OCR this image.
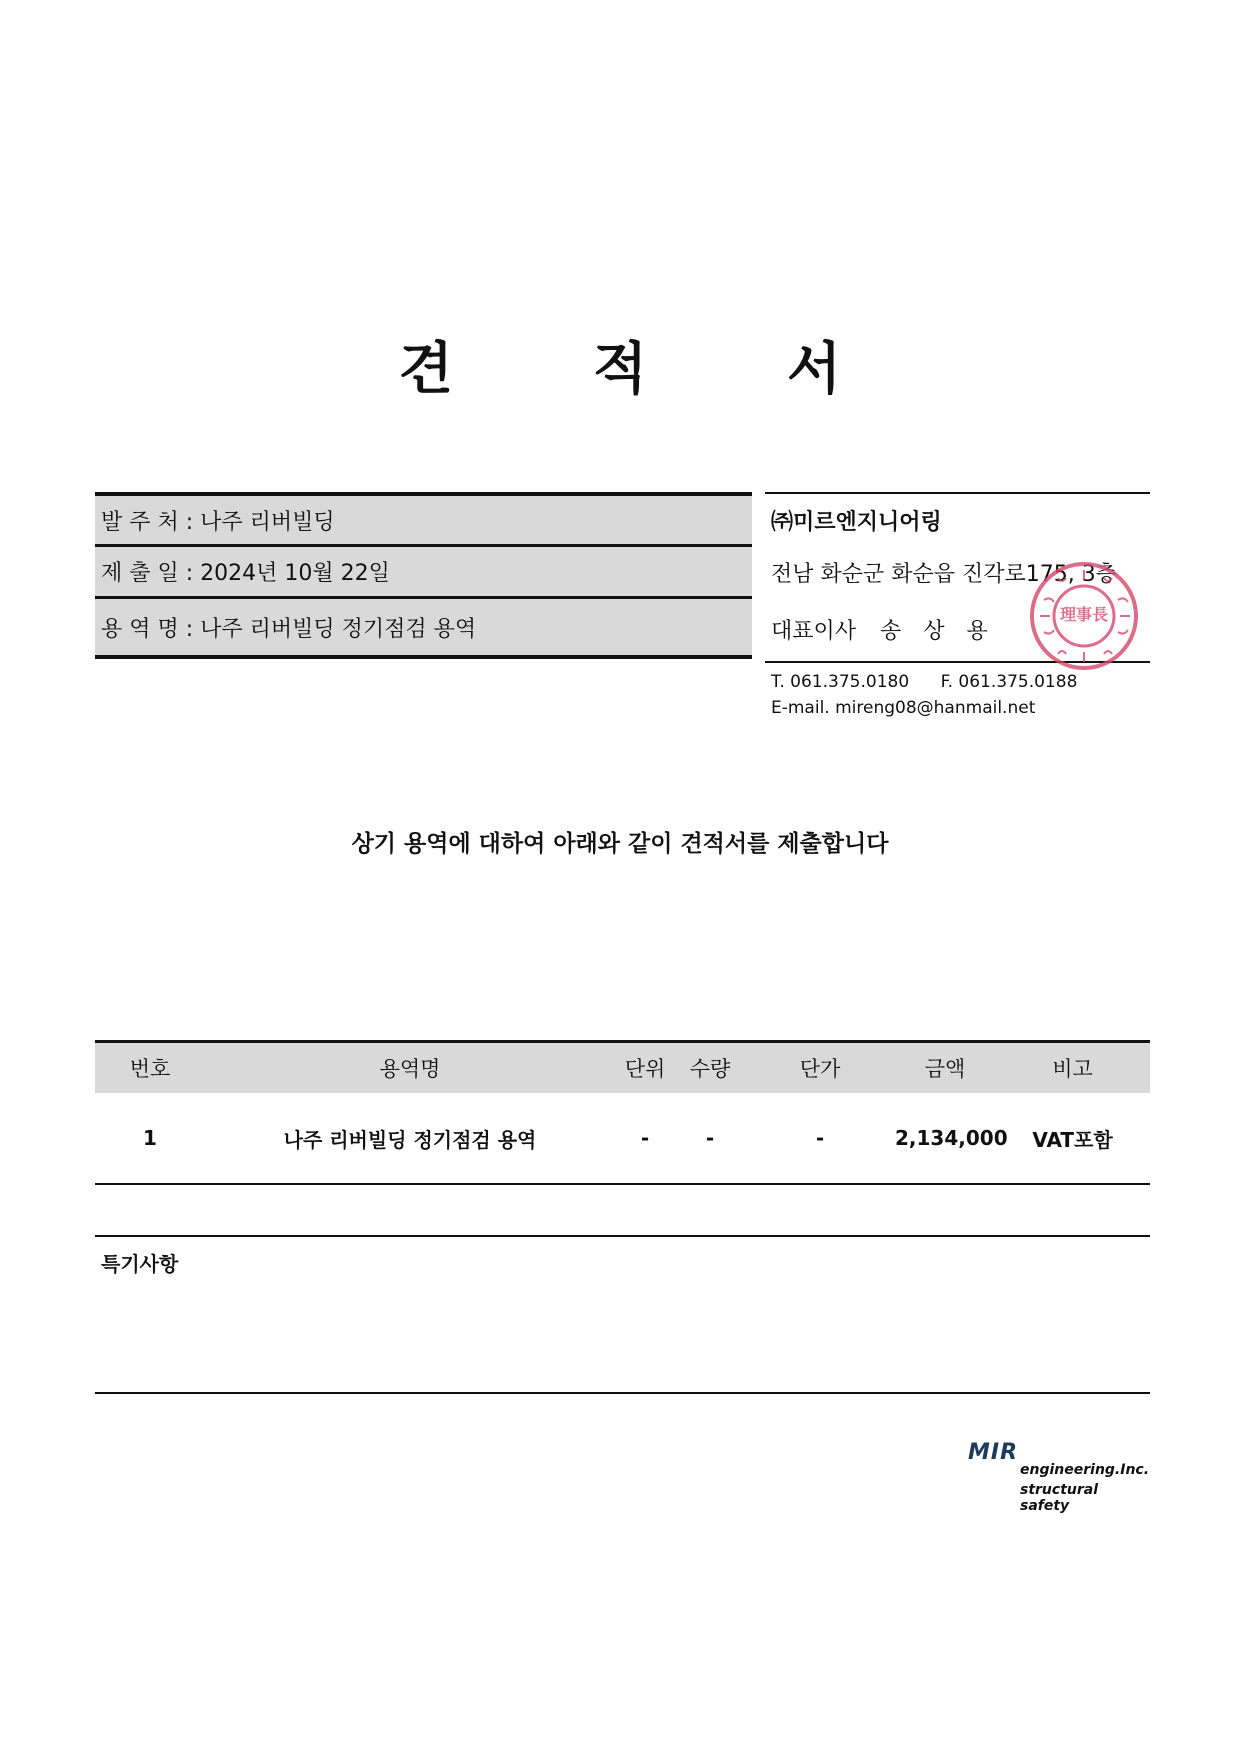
견	적	서
발 주 처 : 나주 리버빌딩
제 출 일 : 2024년 10월 22일
용 역 명 : 나주 리버빌딩 정기점검 용역
㈜미르엔지니어링
전남 화순군 화순읍 진각로175, 3층
대표이사 송상용
T. 061.375.0180 F. 061.375.0188
E-mail. mireng08@hanmail.net
理事長
상기 용역에 대하여 아래와 같이 견적서를 제출합니다
번호	용역명	단위	수량	단가	금액	비고
1	나주 리버빌딩 정기점검 용역	-	-	-	2,134,000	VAT포함
특기사항
MIR
engineering.Inc.
structural safety
